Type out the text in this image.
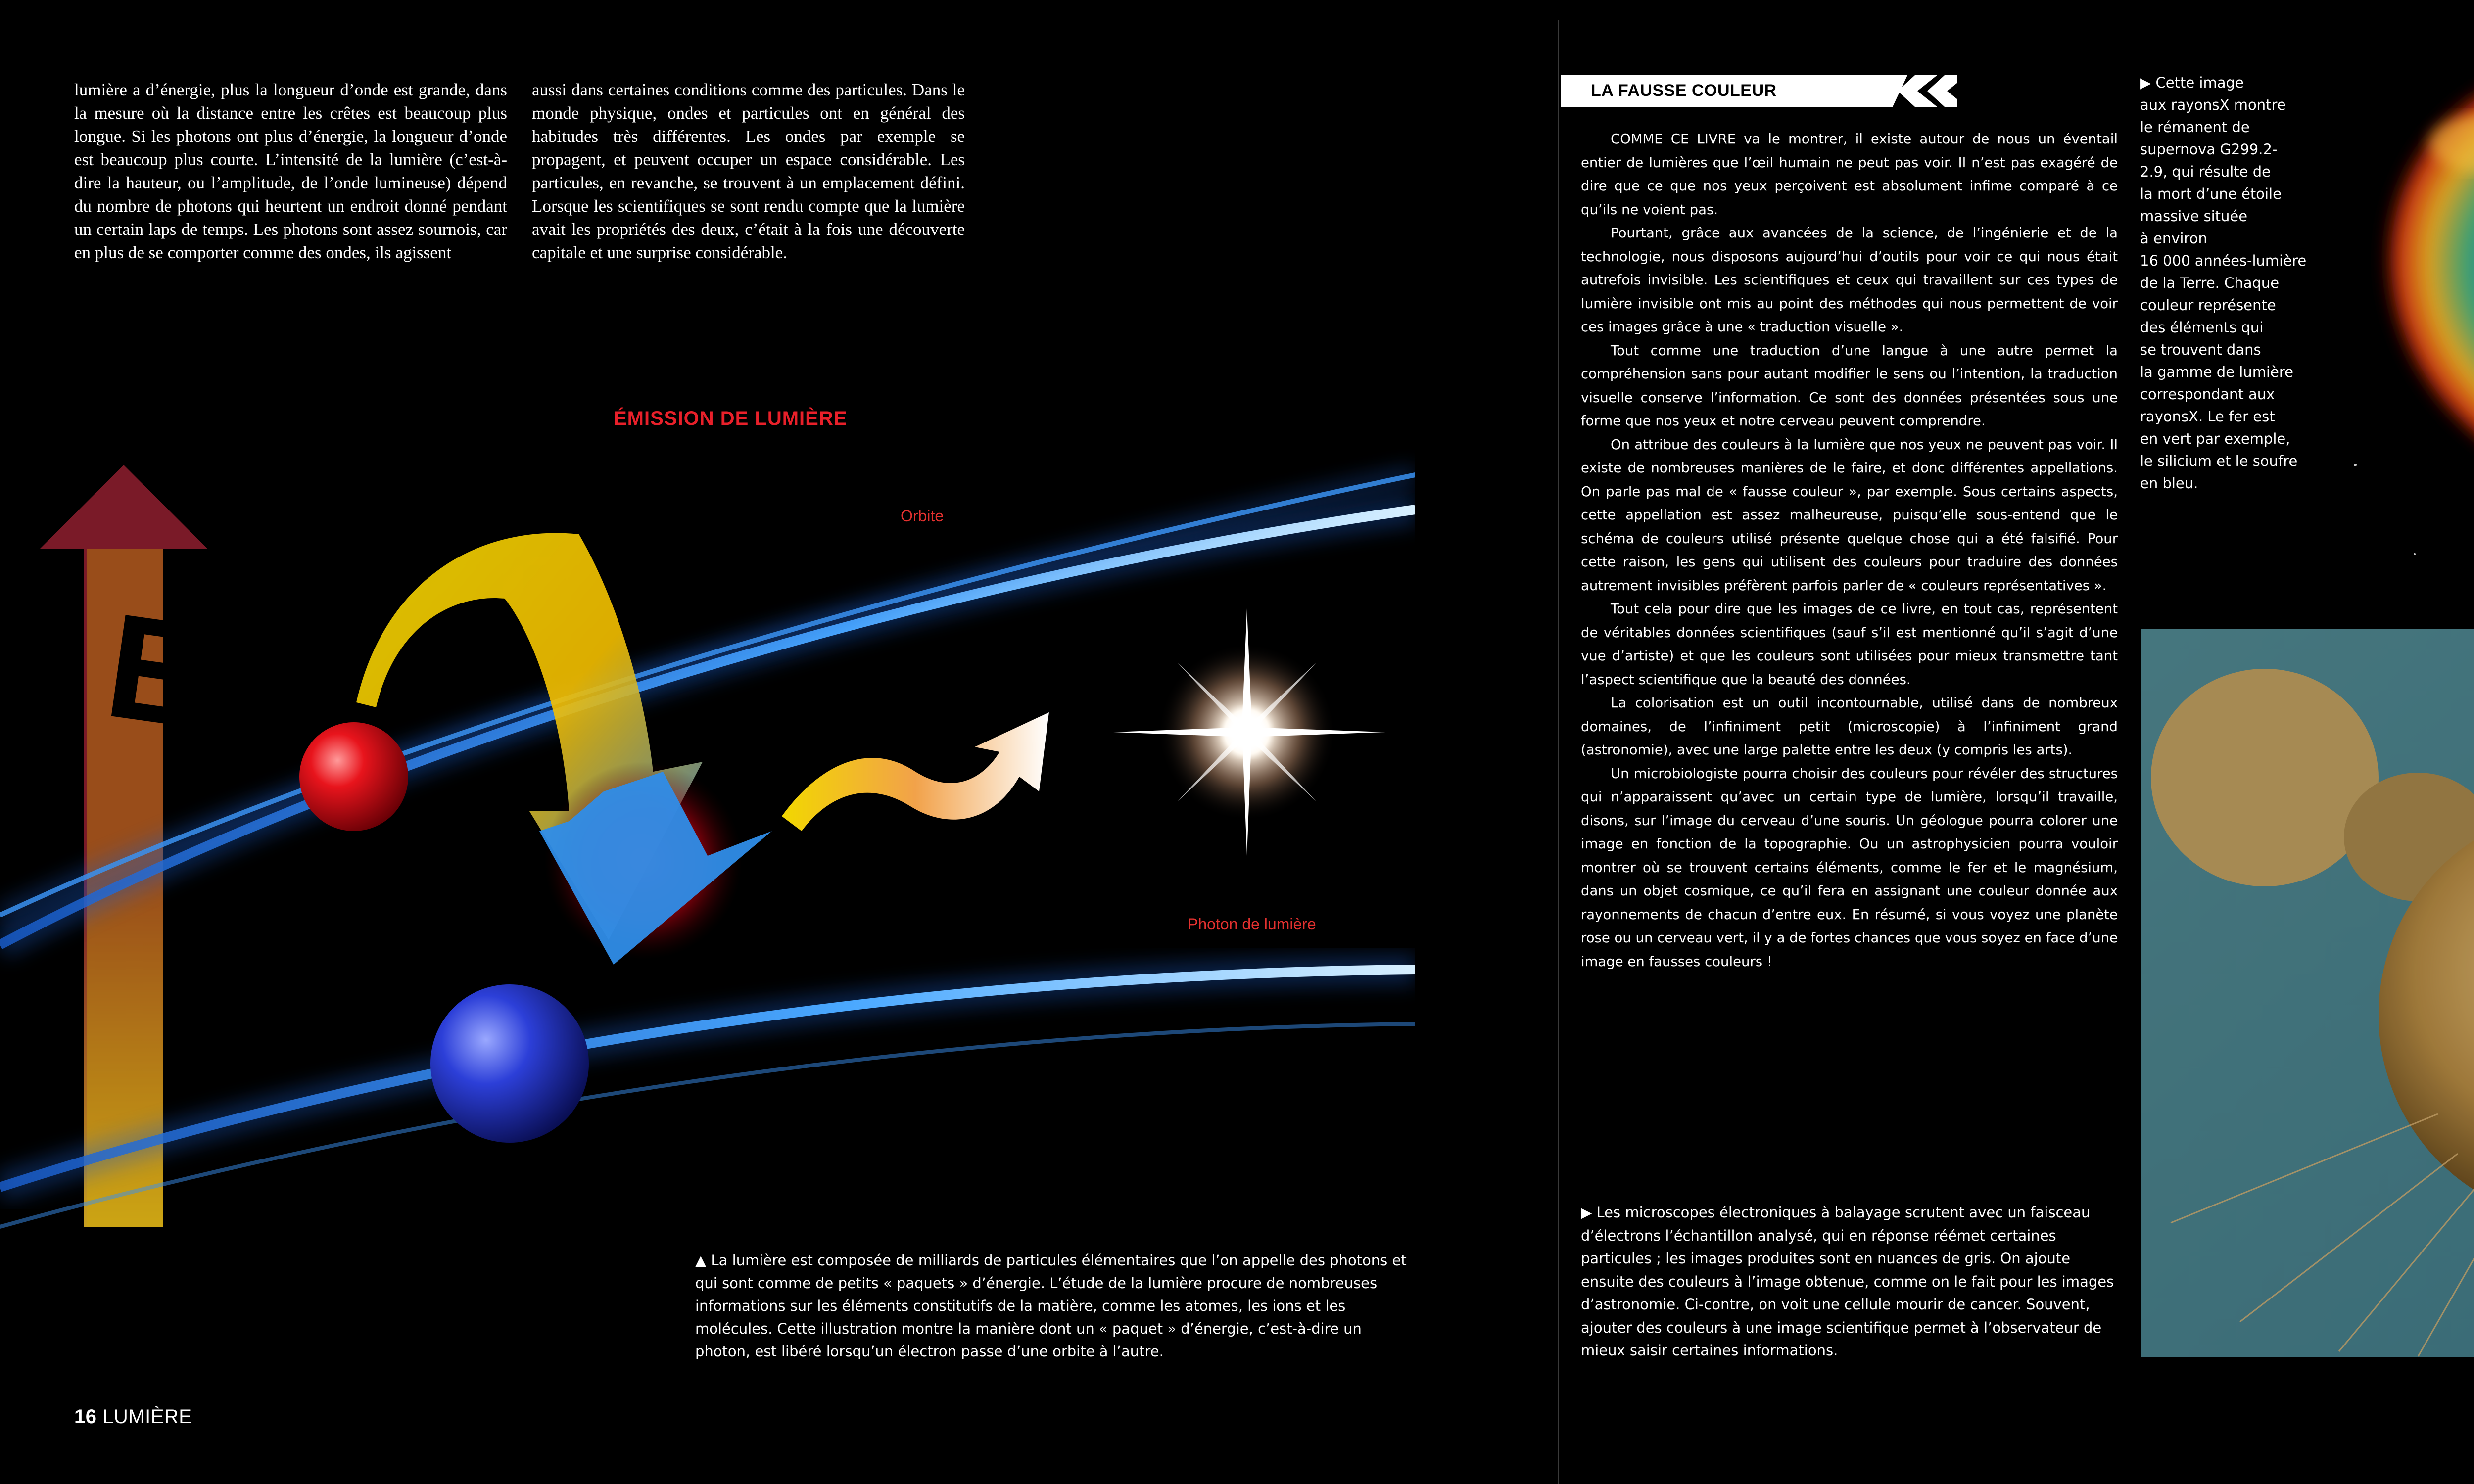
lumière a d’énergie, plus la longueur d’onde est grande, dans la mesure où la distance entre les crêtes est beaucoup plus longue. Si les photons ont plus d’énergie, la longueur d’onde est beaucoup plus courte. L’intensité de la lumière (c’est-à-dire la hauteur, ou l’amplitude, de l’onde lumineuse) dépend du nombre de photons qui heurtent un endroit donné pendant un certain laps de temps. Les photons sont assez sournois, car en plus de se comporter comme des ondes, ils agissent

aussi dans certaines conditions comme des particules. Dans le monde physique, ondes et particules ont en général des habitudes très différentes. Les ondes par exemple se propagent, et peuvent occuper un espace considérable. Les particules, en revanche, se trouvent à un emplacement défini. Lorsque les scientifiques se sont rendu compte que la lumière avait les propriétés des deux, c’était à la fois une découverte capitale et une surprise considérable.

E
ÉMISSION DE LUMIÈRE
Orbite
Photon de lumière
▲ La lumière est composée de milliards de particules élémentaires que l’on appelle des photons et qui sont comme de petits « paquets » d’énergie. L’étude de la lumière procure de nombreuses informations sur les éléments constitutifs de la matière, comme les atomes, les ions et les molécules. Cette illustration montre la manière dont un « paquet » d’énergie, c’est-à-dire un photon, est libéré lorsqu’un électron passe d’une orbite à l’autre.
16 LUMIÈRE
LA FAUSSE COULEUR

COMME CE LIVRE va le montrer, il existe autour de nous un éventail entier de lumières que l’œil humain ne peut pas voir. Il n’est pas exagéré de dire que ce que nos yeux perçoivent est absolument infime comparé à ce qu’ils ne voient pas.

Pourtant, grâce aux avancées de la science, de l’ingénierie et de la technologie, nous disposons aujourd’hui d’outils pour voir ce qui nous était autrefois invisible. Les scientifiques et ceux qui travaillent sur ces types de lumière invisible ont mis au point des méthodes qui nous permettent de voir ces images grâce à une « traduction visuelle ».

Tout comme une traduction d’une langue à une autre permet la compréhension sans pour autant modifier le sens ou l’intention, la traduction visuelle conserve l’information. Ce sont des données présentées sous une forme que nos yeux et notre cerveau peuvent comprendre.

On attribue des couleurs à la lumière que nos yeux ne peuvent pas voir. Il existe de nombreuses manières de le faire, et donc différentes appellations. On parle pas mal de « fausse couleur », par exemple. Sous certains aspects, cette appellation est assez malheureuse, puisqu’elle sous-entend que le schéma de couleurs utilisé présente quelque chose qui a été falsifié. Pour cette raison, les gens qui utilisent des couleurs pour traduire des données autrement invisibles préfèrent parfois parler de « couleurs représentatives ».

Tout cela pour dire que les images de ce livre, en tout cas, représentent de véritables données scientifiques (sauf s’il est mentionné qu’il s’agit d’une vue d’artiste) et que les couleurs sont utilisées pour mieux transmettre tant l’aspect scientifique que la beauté des données.

La colorisation est un outil incontournable, utilisé dans de nombreux domaines, de l’infiniment petit (microscopie) à l’infiniment grand (astronomie), avec une large palette entre les deux (y compris les arts).

Un microbiologiste pourra choisir des couleurs pour révéler des structures qui n’apparaissent qu’avec un certain type de lumière, lorsqu’il travaille, disons, sur l’image du cerveau d’une souris. Un géologue pourra colorer une image en fonction de la topographie. Ou un astrophysicien pourra vouloir montrer où se trouvent certains éléments, comme le fer et le magnésium, dans un objet cosmique, ce qu’il fera en assignant une couleur donnée aux rayonnements de chacun d’entre eux. En résumé, si vous voyez une planète rose ou un cerveau vert, il y a de fortes chances que vous soyez en face d’une image en fausses couleurs !

▶ Cette image
aux rayonsX montre
le rémanent de
supernova G299.2-
2.9, qui résulte de
la mort d’une étoile
massive située
à environ
16 000 années-lumière
de la Terre. Chaque
couleur représente
des éléments qui
se trouvent dans
la gamme de lumière
correspondant aux
rayonsX. Le fer est
en vert par exemple,
le silicium et le soufre
en bleu.
▶ Les microscopes électroniques à balayage scrutent avec un faisceau d’électrons l’échantillon analysé, qui en réponse réémet certaines particules ; les images produites sont en nuances de gris. On ajoute ensuite des couleurs à l’image obtenue, comme on le fait pour les images d’astronomie. Ci-contre, on voit une cellule mourir de cancer. Souvent, ajouter des couleurs à une image scientifique permet à l’observateur de mieux saisir certaines informations.
